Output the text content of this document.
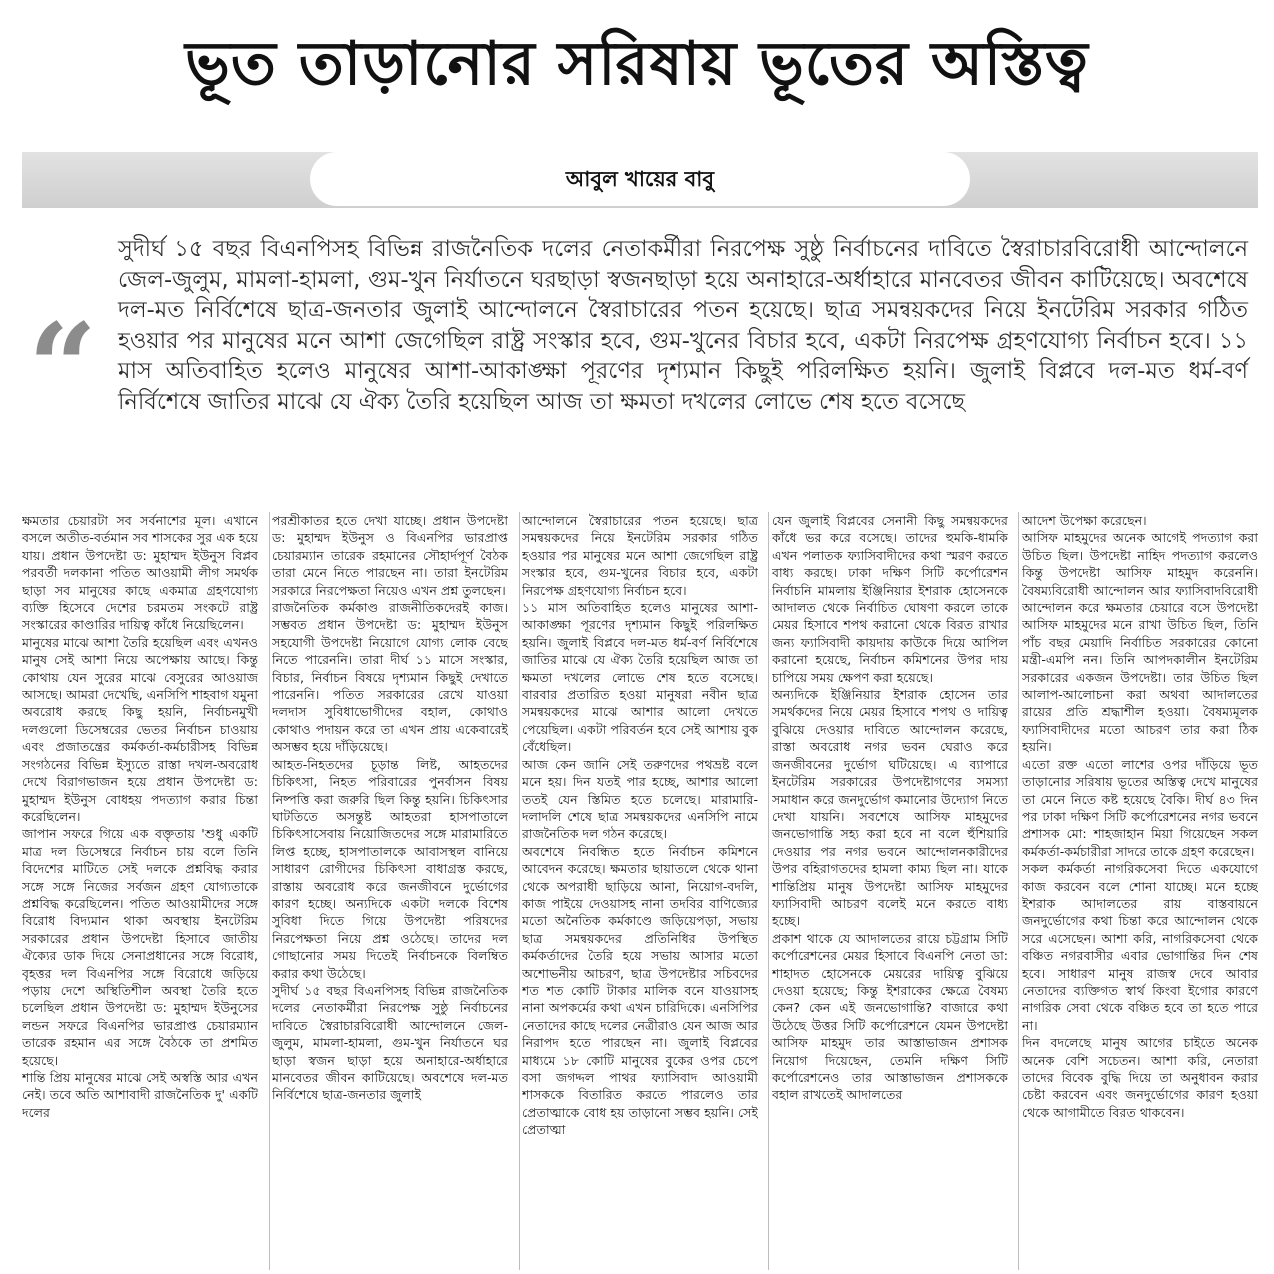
ভূত তাড়ানোর সরিষায় ভূতের অস্তিত্ব
আবুল খায়ের বাবু
“
সুদীর্ঘ ১৫ বছর বিএনপিসহ বিভিন্ন রাজনৈতিক দলের নেতাকর্মীরা নিরপেক্ষ সুষ্ঠু নির্বাচনের দাবিতে স্বৈরাচারবিরোধী আন্দোলনে জেল-জুলুম, মামলা-হামলা, গুম-খুন নির্যাতনে ঘরছাড়া স্বজনছাড়া হয়ে অনাহারে-অর্ধাহারে মানবেতর জীবন কাটিয়েছে। অবশেষে দল-মত নির্বিশেষে ছাত্র-জনতার জুলাই আন্দোলনে স্বৈরাচারের পতন হয়েছে। ছাত্র সমন্বয়কদের নিয়ে ইনটেরিম সরকার গঠিত হওয়ার পর মানুষের মনে আশা জেগেছিল রাষ্ট্র সংস্কার হবে, গুম-খুনের বিচার হবে, একটা নিরপেক্ষ গ্রহণযোগ্য নির্বাচন হবে। ১১ মাস অতিবাহিত হলেও মানুষের আশা-আকাঙ্ক্ষা পূরণের দৃশ্যমান কিছুই পরিলক্ষিত হয়নি। জুলাই বিপ্লবে দল-মত ধর্ম-বর্ণ নির্বিশেষে জাতির মাঝে যে ঐক্য তৈরি হয়েছিল আজ তা ক্ষমতা দখলের লোভে শেষ হতে বসেছে

ক্ষমতার চেয়ারটা সব সর্বনাশের মূল। এখানে বসলে অতীত-বর্তমান সব শাসকের সুর এক হয়ে যায়। প্রধান উপদেষ্টা ড: মুহাম্মদ ইউনুস বিপ্লব পরবর্তী দলকানা পতিত আওয়ামী লীগ সমর্থক ছাড়া সব মানুষের কাছে একমাত্র গ্রহণযোগ্য ব্যক্তি হিসেবে দেশের চরমতম সংকটে রাষ্ট্র সংস্কারের কাণ্ডারির দায়িত্ব কাঁধে নিয়েছিলেন।

মানুষের মাঝে আশা তৈরি হয়েছিল এবং এখনও মানুষ সেই আশা নিয়ে অপেক্ষায় আছে। কিন্তু কোথায় যেন সুরের মাঝে বেসুরের আওয়াজ আসছে। আমরা দেখেছি, এনসিপি শাহবাগ যমুনা অবরোধ করছে কিছু হয়নি, নির্বাচনমুখী দলগুলো ডিসেম্বরের ভেতর নির্বাচন চাওয়ায় এবং প্রজাতন্ত্রের কর্মকর্তা-কর্মচারীসহ বিভিন্ন সংগঠনের বিভিন্ন ইস্যুতে রাস্তা দখল-অবরোধ দেখে বিরাগভাজন হয়ে প্রধান উপদেষ্টা ড: মুহাম্মদ ইউনুস বোধহয় পদত্যাগ করার চিন্তা করেছিলেন।

জাপান সফরে গিয়ে এক বক্তৃতায় 'শুধু একটি মাত্র দল ডিসেম্বরে নির্বাচন চায় বলে তিনি বিদেশের মাটিতে সেই দলকে প্রশ্নবিদ্ধ করার সঙ্গে সঙ্গে নিজের সর্বজন গ্রহণ যোগ্যতাকে প্রশ্নবিদ্ধ করেছিলেন। পতিত আওয়ামীদের সঙ্গে বিরোধ বিদ্যমান থাকা অবস্থায় ইনটেরিম সরকারের প্রধান উপদেষ্টা হিসাবে জাতীয় ঐক্যের ডাক দিয়ে সেনাপ্রধানের সঙ্গে বিরোধ, বৃহত্তর দল বিএনপির সঙ্গে বিরোধে জড়িয়ে পড়ায় দেশে অস্থিতিশীল অবস্থা তৈরি হতে চলেছিল প্রধান উপদেষ্টা ড: মুহাম্মদ ইউনুসের লন্ডন সফরে বিএনপির ভারপ্রাপ্ত চেয়ারম্যান তারেক রহমান এর সঙ্গে বৈঠকে তা প্রশমিত হয়েছে।

শান্তি প্রিয় মানুষের মাঝে সেই অস্বস্তি আর এখন নেই। তবে অতি আশাবাদী রাজনৈতিক দু' একটি দলের

পরশ্রীকাতর হতে দেখা যাচ্ছে। প্রধান উপদেষ্টা ড: মুহাম্মদ ইউনুস ও বিএনপির ভারপ্রাপ্ত চেয়ারম্যান তারেক রহমানের সৌহার্দপূর্ণ বৈঠক তারা মেনে নিতে পারছেন না। তারা ইনটেরিম সরকারে নিরপেক্ষতা নিয়েও এখন প্রশ্ন তুলছেন।

রাজনৈতিক কর্মকাণ্ড রাজনীতিকদেরই কাজ। সম্ভবত প্রধান উপদেষ্টা ড: মুহাম্মদ ইউনুস সহযোগী উপদেষ্টা নিয়োগে যোগ্য লোক বেছে নিতে পারেননি। তারা দীর্ঘ ১১ মাসে সংস্কার, বিচার, নির্বাচন বিষয়ে দৃশ্যমান কিছুই দেখাতে পারেননি। পতিত সরকারের রেখে যাওয়া দলদাস সুবিধাভোগীদের বহাল, কোথাও কোথাও পদায়ন করে তা এখন প্রায় একেবারেই অসম্ভব হয়ে দাঁড়িয়েছে।

আহত-নিহতদের চূড়ান্ত লিষ্ট, আহতদের চিকিৎসা, নিহত পরিবারের পুনর্বাসন বিষয় নিষ্পত্তি করা জরুরি ছিল কিন্তু হয়নি। চিকিৎসার ঘাটতিতে অসন্তুষ্ট আহতরা হাসপাতালে চিকিৎসাসেবায় নিয়োজিতদের সঙ্গে মারামারিতে লিপ্ত হচ্ছে, হাসপাতালকে আবাসস্থল বানিয়ে সাধারণ রোগীদের চিকিৎসা বাধাগ্রস্ত করছে, রাস্তায় অবরোধ করে জনজীবনে দুর্ভোগের কারণ হচ্ছে। অন্যদিকে একটা দলকে বিশেষ সুবিধা দিতে গিয়ে উপদেষ্টা পরিষদের নিরপেক্ষতা নিয়ে প্রশ্ন ওঠেছে। তাদের দল গোছানোর সময় দিতেই নির্বাচনকে বিলম্বিত করার কথা উঠেছে।

সুদীর্ঘ ১৫ বছর বিএনপিসহ বিভিন্ন রাজনৈতিক দলের নেতাকর্মীরা নিরপেক্ষ সুষ্ঠু নির্বাচনের দাবিতে স্বৈরাচারবিরোধী আন্দোলনে জেল-জুলুম, মামলা-হামলা, গুম-খুন নির্যাতনে ঘর ছাড়া স্বজন ছাড়া হয়ে অনাহারে-অর্ধাহারে মানবেতর জীবন কাটিয়েছে। অবশেষে দল-মত নির্বিশেষে ছাত্র-জনতার জুলাই

আন্দোলনে স্বৈরাচারের পতন হয়েছে। ছাত্র সমন্বয়কদের নিয়ে ইনটেরিম সরকার গঠিত হওয়ার পর মানুষের মনে আশা জেগেছিল রাষ্ট্র সংস্কার হবে, গুম-খুনের বিচার হবে, একটা নিরপেক্ষ গ্রহণযোগ্য নির্বাচন হবে।

১১ মাস অতিবাহিত হলেও মানুষের আশা-আকাঙ্ক্ষা পূরণের দৃশ্যমান কিছুই পরিলক্ষিত হয়নি। জুলাই বিপ্লবে দল-মত ধর্ম-বর্ণ নির্বিশেষে জাতির মাঝে যে ঐক্য তৈরি হয়েছিল আজ তা ক্ষমতা দখলের লোভে শেষ হতে বসেছে। বারবার প্রতারিত হওয়া মানুষরা নবীন ছাত্র সমন্বয়কদের মাঝে আশার আলো দেখতে পেয়েছিল। একটা পরিবর্তন হবে সেই আশায় বুক বেঁধেছিল।

আজ কেন জানি সেই তরুণদের পথভ্রষ্ট বলে মনে হয়। দিন যতই পার হচ্ছে, আশার আলো ততই যেন স্তিমিত হতে চলেছে। মারামারি-দলাদলি শেষে ছাত্র সমন্বয়কদের এনসিপি নামে রাজনৈতিক দল গঠন করেছে।

অবশেষে নিবন্ধিত হতে নির্বাচন কমিশনে আবেদন করেছে। ক্ষমতার ছায়াতলে থেকে থানা থেকে অপরাধী ছাড়িয়ে আনা, নিয়োগ-বদলি, কাজ পাইয়ে দেওয়াসহ নানা তদবির বাণিজ্যের মতো অনৈতিক কর্মকাণ্ডে জড়িয়েপড়া, সভায় ছাত্র সমন্বয়কদের প্রতিনিধির উপস্থিত কর্মকর্তাদের তৈরি হয়ে সভায় আসার মতো অশোভনীয় আচরণ, ছাত্র উপদেষ্টার সচিবদের শত শত কোটি টাকার মালিক বনে যাওয়াসহ নানা অপকর্মের কথা এখন চারিদিকে। এনসিপির নেতাদের কাছে দলের নেত্রীরাও যেন আজ আর নিরাপদ হতে পারছেন না। জুলাই বিপ্লবের মাধ্যমে ১৮ কোটি মানুষের বুকের ওপর চেপে বসা জগদ্দল পাথর ফ্যাসিবাদ আওয়ামী শাসককে বিতারিত করতে পারলেও তার প্রেতাত্মাকে বোধ হয় তাড়ানো সম্ভব হয়নি। সেই প্রেতাত্মা

যেন জুলাই বিপ্লবের সেনানী কিছু সমন্বয়কদের কাঁধে ভর করে বসেছে। তাদের হুমকি-ধামকি এখন পলাতক ফ্যাসিবাদীদের কথা স্মরণ করতে বাধ্য করছে। ঢাকা দক্ষিণ সিটি কর্পোরেশন নির্বাচনি মামলায় ইঞ্জিনিয়ার ইশরাক হোসেনকে আদালত থেকে নির্বাচিত ঘোষণা করলে তাকে মেয়র হিসাবে শপথ করানো থেকে বিরত রাখার জন্য ফ্যাসিবাদী কায়দায় কাউকে দিয়ে আপিল করানো হয়েছে, নির্বাচন কমিশনের উপর দায় চাপিয়ে সময় ক্ষেপণ করা হয়েছে।

অন্যদিকে ইঞ্জিনিয়ার ইশরাক হোসেন তার সমর্থকদের নিয়ে মেয়র হিসাবে শপথ ও দায়িত্ব বুঝিয়ে দেওয়ার দাবিতে আন্দোলন করেছে, রাস্তা অবরোধ নগর ভবন ঘেরাও করে জনজীবনের দুর্ভোগ ঘটিয়েছে। এ ব্যাপারে ইনটেরিম সরকারের উপদেষ্টাগণের সমস্যা সমাধান করে জনদুর্ভোগ কমানোর উদ্যোগ নিতে দেখা যায়নি। সবশেষে আসিফ মাহমুদের জনভোগান্তি সহ্য করা হবে না বলে হুঁশিয়ারি দেওয়ার পর নগর ভবনে আন্দোলনকারীদের উপর বহিরাগতদের হামলা কাম্য ছিল না। যাকে শান্তিপ্রিয় মানুষ উপদেষ্টা আসিফ মাহমুদের ফ্যাসিবাদী আচরণ বলেই মনে করতে বাধ্য হচ্ছে।

প্রকাশ থাকে যে আদালতের রায়ে চট্টগ্রাম সিটি কর্পোরেশনের মেয়র হিসাবে বিএনপি নেতা ডা: শাহাদত হোসেনকে মেয়রের দায়িত্ব বুঝিয়ে দেওয়া হয়েছে; কিন্তু ইশরাকের ক্ষেত্রে বৈষম্য কেন? কেন এই জনভোগান্তি? বাজারে কথা উঠেছে উত্তর সিটি কর্পোরেশনে যেমন উপদেষ্টা আসিফ মাহমুদ তার আস্তাভাজন প্রশাসক নিয়োগ দিয়েছেন, তেমনি দক্ষিণ সিটি কর্পোরেশনেও তার আস্তাভাজন প্রশাসককে বহাল রাখতেই আদালতের

আদেশ উপেক্ষা করেছেন।

আসিফ মাহমুদের অনেক আগেই পদত্যাগ করা উচিত ছিল। উপদেষ্টা নাহিদ পদত্যাগ করলেও কিন্তু উপদেষ্টা আসিফ মাহমুদ করেননি। বৈষম্যবিরোধী আন্দোলন আর ফ্যাসিবাদবিরোধী আন্দোলন করে ক্ষমতার চেয়ারে বসে উপদেষ্টা আসিফ মাহমুদের মনে রাখা উচিত ছিল, তিনি পাঁচ বছর মেয়াদি নির্বাচিত সরকারের কোনো মন্ত্রী-এমপি নন। তিনি আপদকালীন ইনটেরিম সরকারের একজন উপদেষ্টা। তার উচিত ছিল আলাপ-আলোচনা করা অথবা আদালতের রায়ের প্রতি শ্রদ্ধাশীল হওয়া। বৈষম্যমূলক ফ্যাসিবাদীদের মতো আচরণ তার করা ঠিক হয়নি।

এতো রক্ত এতো লাশের ওপর দাঁড়িয়ে ভূত তাড়ানোর সরিষায় ভূতের অস্তিত্ব দেখে মানুষের তা মেনে নিতে কষ্ট হয়েছে বৈকি। দীর্ঘ ৪৩ দিন পর ঢাকা দক্ষিণ সিটি কর্পোরেশনের নগর ভবনে প্রশাসক মো: শাহজাহান মিয়া গিয়েছেন সকল কর্মকর্তা-কর্মচারীরা সাদরে তাকে গ্রহণ করেছেন।

সকল কর্মকর্তা নাগরিকসেবা দিতে একযোগে কাজ করবেন বলে শোনা যাচ্ছে। মনে হচ্ছে ইশরাক আদালতের রায় বাস্তবায়নে জনদুর্ভোগের কথা চিন্তা করে আন্দোলন থেকে সরে এসেছেন। আশা করি, নাগরিকসেবা থেকে বঞ্চিত নগরবাসীর এবার ভোগান্তির দিন শেষ হবে। সাধারণ মানুষ রাজস্ব দেবে আবার নেতাদের ব্যক্তিগত স্বার্থ কিংবা ইগোর কারণে নাগরিক সেবা থেকে বঞ্চিত হবে তা হতে পারে না।

দিন বদলেছে মানুষ আগের চাইতে অনেক অনেক বেশি সচেতন। আশা করি, নেতারা তাদের বিবেক বুদ্ধি দিয়ে তা অনুধাবন করার চেষ্টা করবেন এবং জনদুর্ভোগের কারণ হওয়া থেকে আগামীতে বিরত থাকবেন।
